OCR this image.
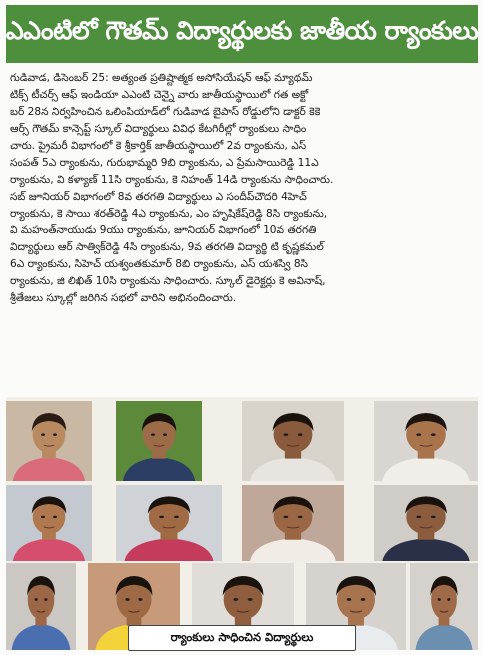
ఎఎంటిలో గౌతమ్ విద్యార్థులకు జాతీయ ర్యాంకులు
గుడివాడ, డిసెంబర్ 25: అత్యంత ప్రతిష్టాత్మక అసోసియేషన్ ఆఫ్ మ్యాథమ్
టిక్స్ టీచర్స్ ఆఫ్ ఇండియా ఎఎంటి చెన్నై వారు జాతీయస్థాయిలో గత అక్టో
బర్ 28న నిర్వహించిన ఒలింపియాడ్‌లో గుడివాడ బైపాస్ రోడ్డులోని డాక్టర్ కెకె
ఆర్స్ గౌతమ్ కాన్సెప్ట్ స్కూల్ విద్యార్థులు వివిధ కేటగిరీల్లో ర్యాంకులు సాధిం
చారు. ప్రైమరీ విభాగంలో కె శ్రీకార్తిక్ జాతీయస్థాయిలో 2వ ర్యాంకును, ఎస్
సంపత్ 5ఎ ర్యాంకును, గురుభామ్మరి 9బి ర్యాంకును, ఎ ప్రేమసాయిరెడ్డి 11ఎ
ర్యాంకును, వి కళ్యాణ్ 11సి ర్యాంకును, కె నిహంత్ 14డి ర్యాంకును సాధించారు.
సబ్ జూనియర్ విభాగంలో 8వ తరగతి విద్యార్థులు ఎ సందీప్‌చౌదరి 4హెచ్
ర్యాంకును, కె సాయి శరత్‌రెడ్డి 4ఎ ర్యాంకును, ఎం హృషికేష్‌రెడ్డి 8సి ర్యాంకును,
వి మహంత్‌నాయుడు 9యు ర్యాంకును, జూనియర్ విభాగంలో 10వ తరగతి
విద్యార్థులు ఆర్ సాత్విక్‌రెడ్డి 4సి ర్యాంకును, 9వ తరగతి విద్యార్థి టి కృష్ణకమల్
6ఎ ర్యాంకును, సిహెచ్ యశ్వంతకుమార్ 8బి ర్యాంకును, ఎస్ యశస్వి 8సి
ర్యాంకును, జి లిఖిత్ 10సి ర్యాంకును సాధించారు. స్కూల్ డైరెక్టర్లు కె అవినాష్,
శ్రీతేజలు స్కూల్లో జరిగిన సభలో వారిని అభినందించారు.
ర్యాంకులు సాధించిన విద్యార్థులు
